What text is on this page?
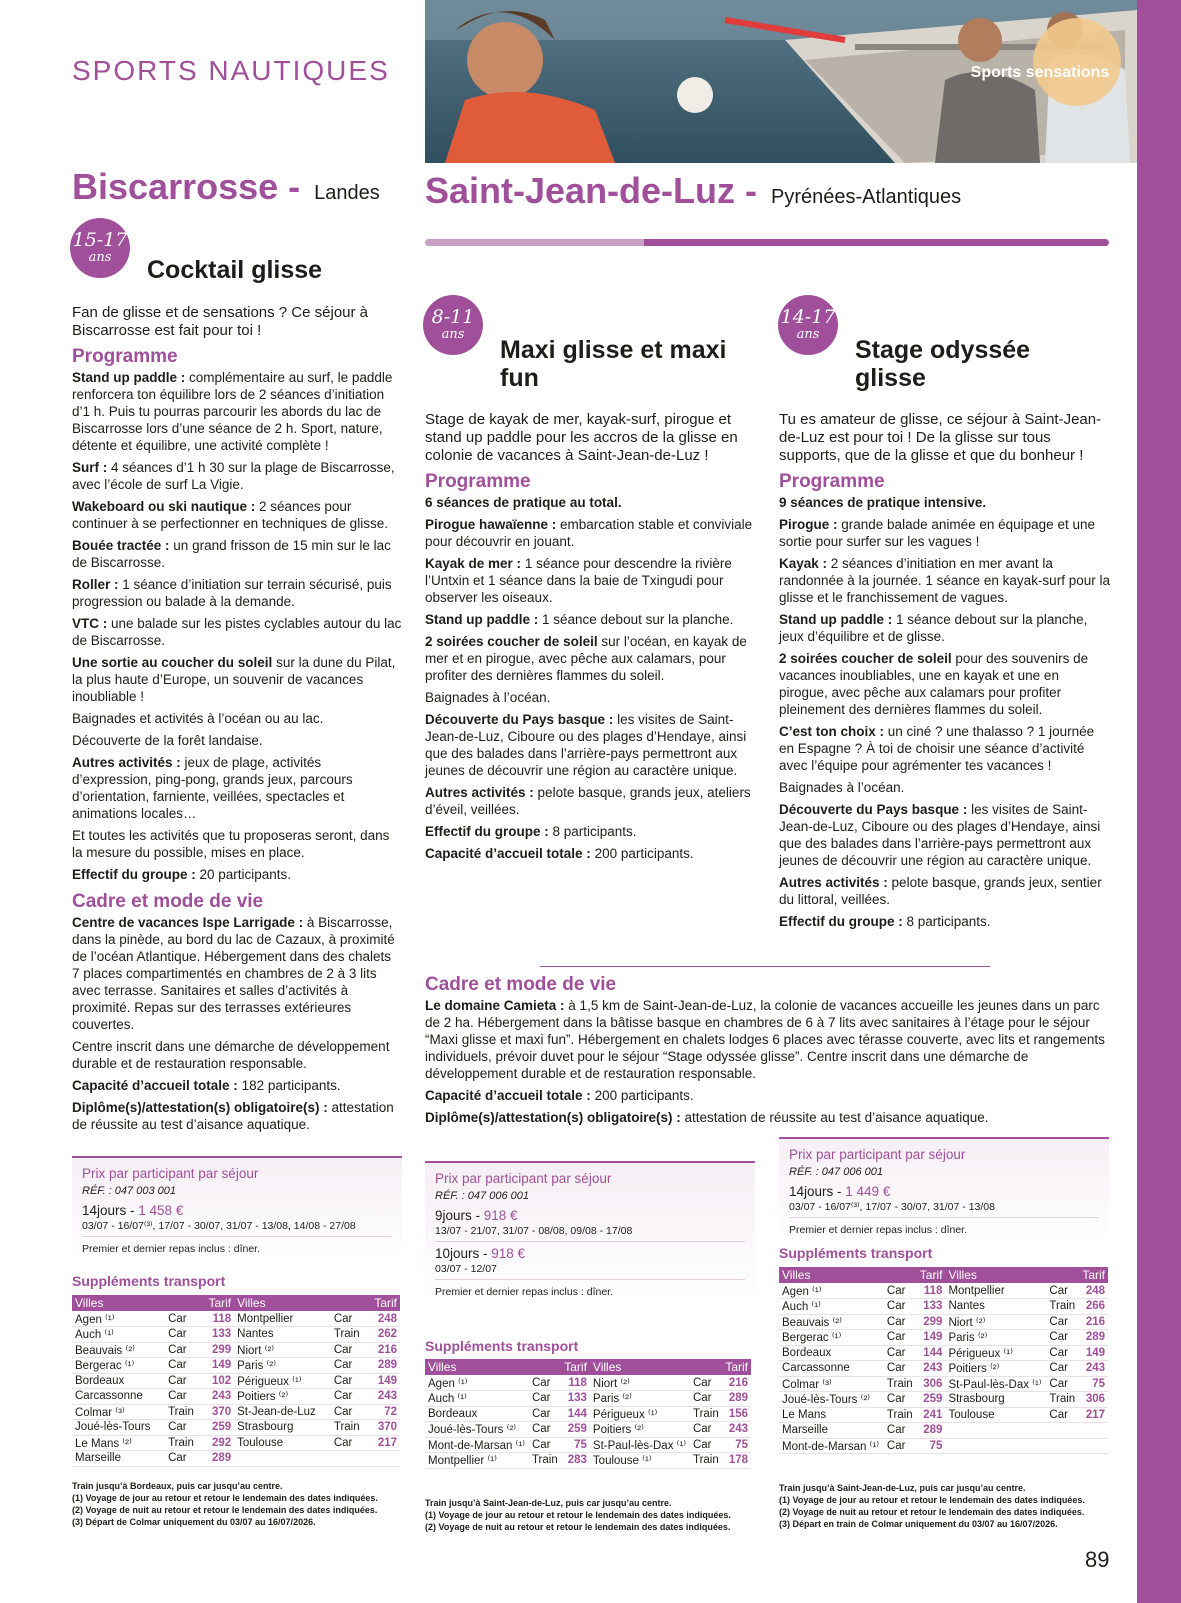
SPORTS NAUTIQUES	Sports sensations
Biscarrosse - Landes Saint-Jean-de-Luz - Pyrénées-Atlantiques
15-17
ans	Cocktail glisse
Fan de glisse et de sensations ? Ce séjour à Biscarrosse est fait pour toi !
Programme

Stand up paddle : complémentaire au surf, le paddle renforcera ton équilibre lors de 2 séances d’initiation d’1 h. Puis tu pourras parcourir les abords du lac de Biscarrosse lors d’une séance de 2 h. Sport, nature, détente et équilibre, une activité complète !

Surf : 4 séances d’1 h 30 sur la plage de Biscarrosse, avec l’école de surf La Vigie.

Wakeboard ou ski nautique : 2 séances pour continuer à se perfectionner en techniques de glisse.

Bouée tractée : un grand frisson de 15 min sur le lac de Biscarrosse.

Roller : 1 séance d’initiation sur terrain sécurisé, puis progression ou balade à la demande.

VTC : une balade sur les pistes cyclables autour du lac de Biscarrosse.

Une sortie au coucher du soleil sur la dune du Pilat, la plus haute d’Europe, un souvenir de vacances inoubliable !

Baignades et activités à l’océan ou au lac.

Découverte de la forêt landaise.

Autres activités : jeux de plage, activités d’expression, ping-pong, grands jeux, parcours d’orientation, farniente, veillées, spectacles et animations locales…

Et toutes les activités que tu proposeras seront, dans la mesure du possible, mises en place.

Effectif du groupe : 20 participants.

Cadre et mode de vie

Centre de vacances Ispe Larrigade : à Biscarrosse, dans la pinède, au bord du lac de Cazaux, à proximité de l’océan Atlantique. Hébergement dans des chalets 7 places compartimentés en chambres de 2 à 3 lits avec terrasse. Sanitaires et salles d’activités à proximité. Repas sur des terrasses extérieures couvertes.

Centre inscrit dans une démarche de développement durable et de restauration responsable.

Capacité d’accueil totale : 182 participants.

Diplôme(s)/attestation(s) obligatoire(s) : attestation de réussite au test d’aisance aquatique.

Prix par participant par séjour
RÉF. : 047 003 001
14jours - 1 458 €
03/07 - 16/07⁽³⁾, 17/07 - 30/07, 31/07 - 13/08, 14/08 - 27/08
Premier et dernier repas inclus : dîner.
Suppléments transport
Villes		Tarif	Villes		Tarif
Agen ⁽¹⁾	Car	118	Montpellier	Car	248
Auch ⁽¹⁾	Car	133	Nantes	Train	262
Beauvais ⁽²⁾	Car	299	Niort ⁽²⁾	Car	216
Bergerac ⁽¹⁾	Car	149	Paris ⁽²⁾	Car	289
Bordeaux	Car	102	Périgueux ⁽¹⁾	Car	149
Carcassonne	Car	243	Poitiers ⁽²⁾	Car	243
Colmar ⁽³⁾	Train	370	St-Jean-de-Luz	Car	72
Joué-lès-Tours	Car	259	Strasbourg	Train	370
Le Mans ⁽²⁾	Train	292	Toulouse	Car	217
Marseille	Car	289			
Train jusqu’à Bordeaux, puis car jusqu’au centre.
(1) Voyage de jour au retour et retour le lendemain des dates indiquées.
(2) Voyage de nuit au retour et retour le lendemain des dates indiquées.
(3) Départ de Colmar uniquement du 03/07 au 16/07/2026.
8-11
ans
Maxi glisse et maxi fun
Stage de kayak de mer, kayak-surf, pirogue et stand up paddle pour les accros de la glisse en colonie de vacances à Saint-Jean-de-Luz !
Programme
6 séances de pratique au total.

Pirogue hawaïenne : embarcation stable et conviviale pour découvrir en jouant.

Kayak de mer : 1 séance pour descendre la rivière l’Untxin et 1 séance dans la baie de Txingudi pour observer les oiseaux.

Stand up paddle : 1 séance debout sur la planche.

2 soirées coucher de soleil sur l’océan, en kayak de mer et en pirogue, avec pêche aux calamars, pour profiter des dernières flammes du soleil.

Baignades à l’océan.

Découverte du Pays basque : les visites de Saint-Jean-de-Luz, Ciboure ou des plages d’Hendaye, ainsi que des balades dans l’arrière-pays permettront aux jeunes de découvrir une région au caractère unique.

Autres activités : pelote basque, grands jeux, ateliers d’éveil, veillées.

Effectif du groupe : 8 participants.

Capacité d’accueil totale : 200 participants.

14-17
ans
Stage odyssée glisse
Tu es amateur de glisse, ce séjour à Saint-Jean-de-Luz est pour toi ! De la glisse sur tous supports, que de la glisse et que du bonheur !
Programme
9 séances de pratique intensive.

Pirogue : grande balade animée en équipage et une sortie pour surfer sur les vagues !

Kayak : 2 séances d’initiation en mer avant la randonnée à la journée. 1 séance en kayak-surf pour la glisse et le franchissement de vagues.

Stand up paddle : 1 séance debout sur la planche, jeux d’équilibre et de glisse.

2 soirées coucher de soleil pour des souvenirs de vacances inoubliables, une en kayak et une en pirogue, avec pêche aux calamars pour profiter pleinement des dernières flammes du soleil.

C’est ton choix : un ciné ? une thalasso ? 1 journée en Espagne ? À toi de choisir une séance d’activité avec l’équipe pour agrémenter tes vacances !

Baignades à l’océan.

Découverte du Pays basque : les visites de Saint-Jean-de-Luz, Ciboure ou des plages d’Hendaye, ainsi que des balades dans l’arrière-pays permettront aux jeunes de découvrir une région au caractère unique.

Autres activités : pelote basque, grands jeux, sentier du littoral, veillées.

Effectif du groupe : 8 participants.

Cadre et mode de vie

Le domaine Camieta : à 1,5 km de Saint-Jean-de-Luz, la colonie de vacances accueille les jeunes dans un parc de 2 ha. Hébergement dans la bâtisse basque en chambres de 6 à 7 lits avec sanitaires à l’étage pour le séjour “Maxi glisse et maxi fun”. Hébergement en chalets lodges 6 places avec térasse couverte, avec lits et rangements individuels, prévoir duvet pour le séjour “Stage odyssée glisse”. Centre inscrit dans une démarche de développement durable et de restauration responsable.

Capacité d’accueil totale : 200 participants.

Diplôme(s)/attestation(s) obligatoire(s) : attestation de réussite au test d’aisance aquatique.

Prix par participant par séjour
RÉF. : 047 006 001
9jours - 918 €
13/07 - 21/07, 31/07 - 08/08, 09/08 - 17/08
10jours - 918 €
03/07 - 12/07
Premier et dernier repas inclus : dîner.
Prix par participant par séjour
RÉF. : 047 006 001
14jours - 1 449 €
03/07 - 16/07⁽³⁾, 17/07 - 30/07, 31/07 - 13/08
Premier et dernier repas inclus : dîner.
Suppléments transport
Villes		Tarif	Villes		Tarif
Agen ⁽¹⁾	Car	118	Niort ⁽²⁾	Car	216
Auch ⁽¹⁾	Car	133	Paris ⁽²⁾	Car	289
Bordeaux	Car	144	Périgueux ⁽¹⁾	Train	156
Joué-lès-Tours ⁽²⁾	Car	259	Poitiers ⁽²⁾	Car	243
Mont-de-Marsan ⁽¹⁾	Car	75	St-Paul-lès-Dax ⁽¹⁾	Car	75
Montpellier ⁽¹⁾	Train	283	Toulouse ⁽¹⁾	Train	178
Train jusqu’à Saint-Jean-de-Luz, puis car jusqu’au centre.
(1) Voyage de jour au retour et retour le lendemain des dates indiquées.
(2) Voyage de nuit au retour et retour le lendemain des dates indiquées.
Suppléments transport
Villes		Tarif	Villes		Tarif
Agen ⁽¹⁾	Car	118	Montpellier	Car	248
Auch ⁽¹⁾	Car	133	Nantes	Train	266
Beauvais ⁽²⁾	Car	299	Niort ⁽²⁾	Car	216
Bergerac ⁽¹⁾	Car	149	Paris ⁽²⁾	Car	289
Bordeaux	Car	144	Périgueux ⁽¹⁾	Car	149
Carcassonne	Car	243	Poitiers ⁽²⁾	Car	243
Colmar ⁽³⁾	Train	306	St-Paul-lès-Dax ⁽¹⁾	Car	75
Joué-lès-Tours ⁽²⁾	Car	259	Strasbourg	Train	306
Le Mans	Train	241	Toulouse	Car	217
Marseille	Car	289			
Mont-de-Marsan ⁽¹⁾	Car	75			
Train jusqu’à Saint-Jean-de-Luz, puis car jusqu’au centre.
(1) Voyage de jour au retour et retour le lendemain des dates indiquées.
(2) Voyage de nuit au retour et retour le lendemain des dates indiquées.
(3) Départ en train de Colmar uniquement du 03/07 au 16/07/2026.
89
